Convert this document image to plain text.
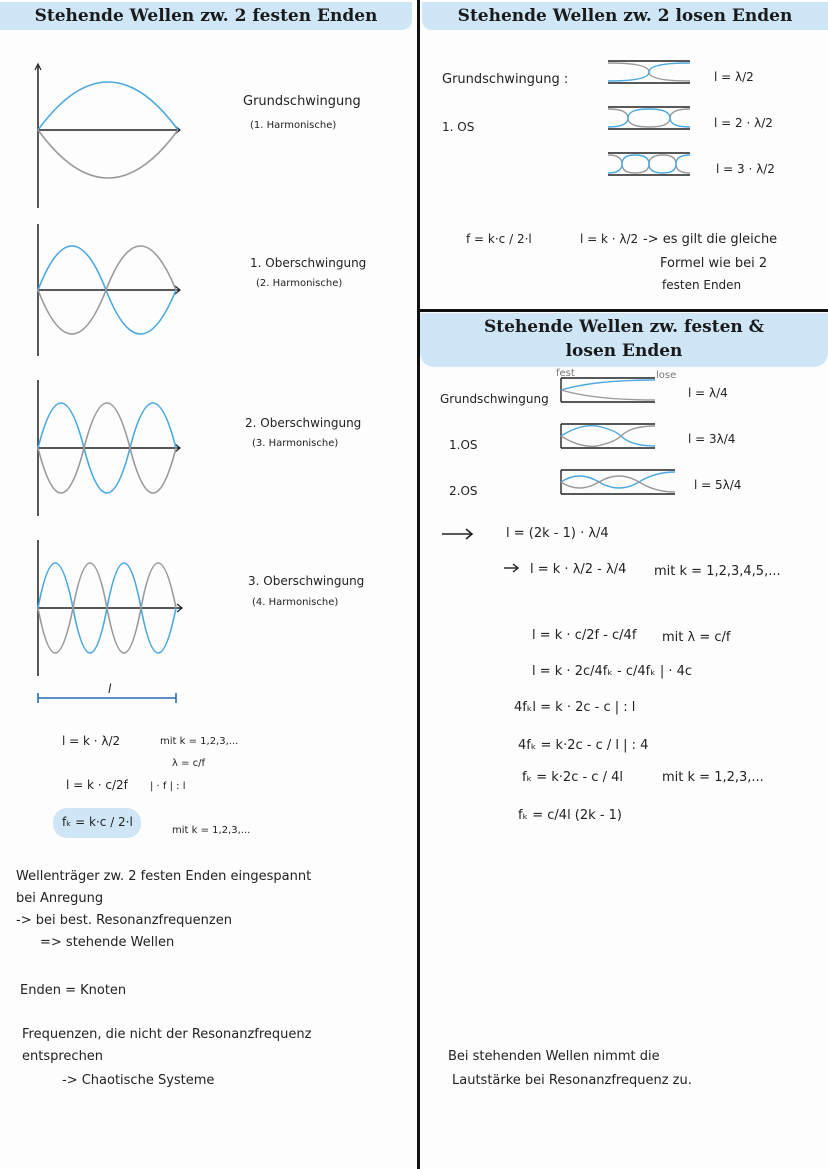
Stehende Wellen zw. 2 festen Enden
l
Grundschwingung
(1. Harmonische)
1. Oberschwingung
(2. Harmonische)
2. Oberschwingung
(3. Harmonische)
3. Oberschwingung
(4. Harmonische)
l = k · λ/2	mit k = 1,2,3,...
λ = c/f
l = k · c/2f | · f | : l
fₖ = k·c / 2·l
mit k = 1,2,3,...
Wellenträger zw. 2 festen Enden eingespannt
bei Anregung
-> bei best. Resonanzfrequenzen
=> stehende Wellen
Enden = Knoten
Frequenzen, die nicht der Resonanzfrequenz
entsprechen
-> Chaotische Systeme
Stehende Wellen zw. 2 losen Enden
Grundschwingung :
1. OS
l = λ/2
l = 2 · λ/2
l = 3 · λ/2
f = k·c / 2·l	l = k · λ/2 -> es gilt die gleiche
Formel wie bei 2
festen Enden
Stehende Wellen zw. festen & losen Enden
fest	lose
Grundschwingung
1.OS
2.OS
l = λ/4
l = 3λ/4
l = 5λ/4
l = (2k - 1) · λ/4
l = k · λ/2 - λ/4 mit k = 1,2,3,4,5,...
l = k · c/2f - c/4f mit λ = c/f
l = k · 2c/4fₖ - c/4fₖ | · 4c
4fₖl = k · 2c - c | : l
4fₖ = k·2c - c / l | : 4
fₖ = k·2c - c / 4l	mit k = 1,2,3,...
fₖ = c/4l (2k - 1)
Bei stehenden Wellen nimmt die
Lautstärke bei Resonanzfrequenz zu.
